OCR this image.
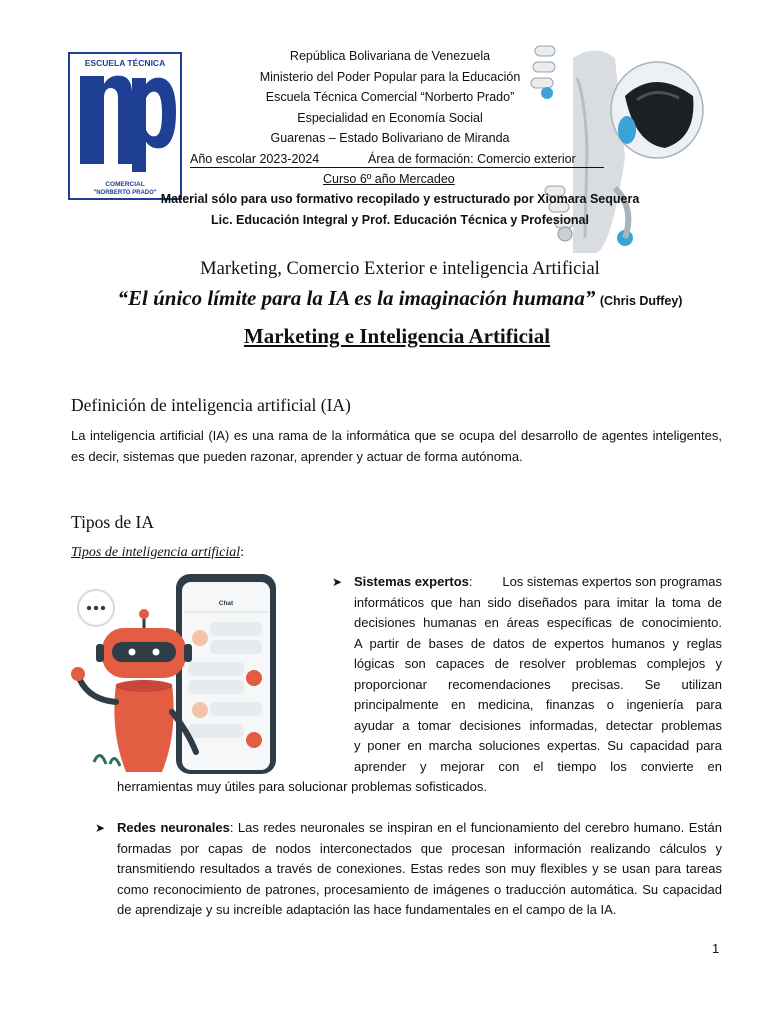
ESCUELA TÉCNICA
ETC
COMERCIAL
"NORBERTO PRADO"
República Bolivariana de Venezuela
Ministerio del Poder Popular para la Educación
Escuela Técnica Comercial “Norberto Prado”
Especialidad en Economía Social
Guarenas – Estado Bolivariano de Miranda
Año escolar 2023-2024	Área de formación: Comercio exterior
Curso 6º año Mercadeo
Material sólo para uso formativo recopilado y estructurado por Xiomara Sequera
Lic. Educación Integral y Prof. Educación Técnica y Profesional
Marketing, Comercio Exterior e inteligencia Artificial
“El único límite para la IA es la imaginación humana” (Chris Duffey)
Marketing e Inteligencia Artificial
Definición de inteligencia artificial (IA)
La inteligencia artificial (IA) es una rama de la informática que se ocupa del desarrollo de agentes inteligentes, es decir, sistemas que pueden razonar, aprender y actuar de forma autónoma.
Tipos de IA
Tipos de inteligencia artificial:
Chat
➤ Sistemas expertos: Los sistemas expertos son programas
informáticos que han sido diseñados para imitar la toma de
decisiones humanas en áreas específicas de conocimiento.
A partir de bases de datos de expertos humanos y reglas
lógicas son capaces de resolver problemas complejos y
proporcionar recomendaciones precisas. Se utilizan
principalmente en medicina, finanzas o ingeniería para
ayudar a tomar decisiones informadas, detectar problemas
y poner en marcha soluciones expertas. Su capacidad para
aprender y mejorar con el tiempo los convierte en
herramientas muy útiles para solucionar problemas sofisticados.
➤ Redes neuronales: Las redes neuronales se inspiran en el funcionamiento del cerebro humano. Están formadas por capas de nodos interconectados que procesan información realizando cálculos y transmitiendo resultados a través de conexiones. Estas redes son muy flexibles y se usan para tareas como reconocimiento de patrones, procesamiento de imágenes o traducción automática. Su capacidad de aprendizaje y su increíble adaptación las hace fundamentales en el campo de la IA.
1
